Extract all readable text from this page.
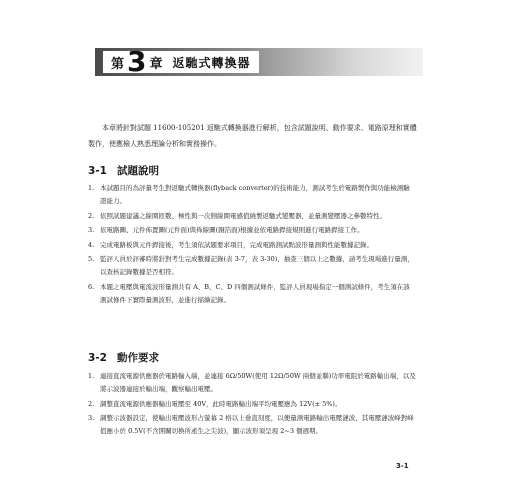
第 3 章 返馳式轉換器

本章將針對試題 11600-105201 返馳式轉換器進行解析，包含試題說明、動作要求、電路原理和實體製作，使應檢人熟悉理論分析和實務操作。

3-1 試題說明
1. 本試題目的為評量考生對返馳式轉換器(flyback converter)的技術能力，測試考生於電路製作與功能檢測驗證能力。
2. 依照試題建議之線圈匝數、極性與一次側線圈電感值繞製返馳式變壓器，並量測變壓器之參數特性。
3. 依電路圖、元件佈置圖(元件面)與佈線圖(銅箔面)根據並依電路銲接規則進行電路銲接工作。
4. 完成電路板與元件銲接後，考生須依試題要求項目，完成電路測試點波形量測與性能數據記錄。
5. 監評人員於評審時將針對考生完成數據記錄(表 3-7，表 3-30)，抽查三個以上之數據，請考生現場進行量測，以查核記錄數據是否相符。
6. 本題之電壓與電流波形量測共有 A、B、C、D 四個測試條件，監評人員現場指定一個測試條件，考生須在該測試條件下實際量測波形，並進行描繪記錄。
3-2 動作要求
1. 連接直流電源供應器於電路輸入端，並連接 6Ω/50W(使用 12Ω/50W 兩個並聯)功率電阻於電路輸出端，以及將示波器連接於輸出端，觀察輸出電壓。
2. 調整直流電源供應器輸出電壓至 40V，此時電路輸出端平均電壓應為 12V(± 5%)。
3. 調整示波器設定，使輸出電壓波形占螢幕 2 格以上垂直刻度，以便量測電路輸出電壓漣波，其電壓漣波峰對峰值應小於 0.5V(不含開關切換所產生之尖波)，顯示波形須呈現 2~3 個週期。
3-1
